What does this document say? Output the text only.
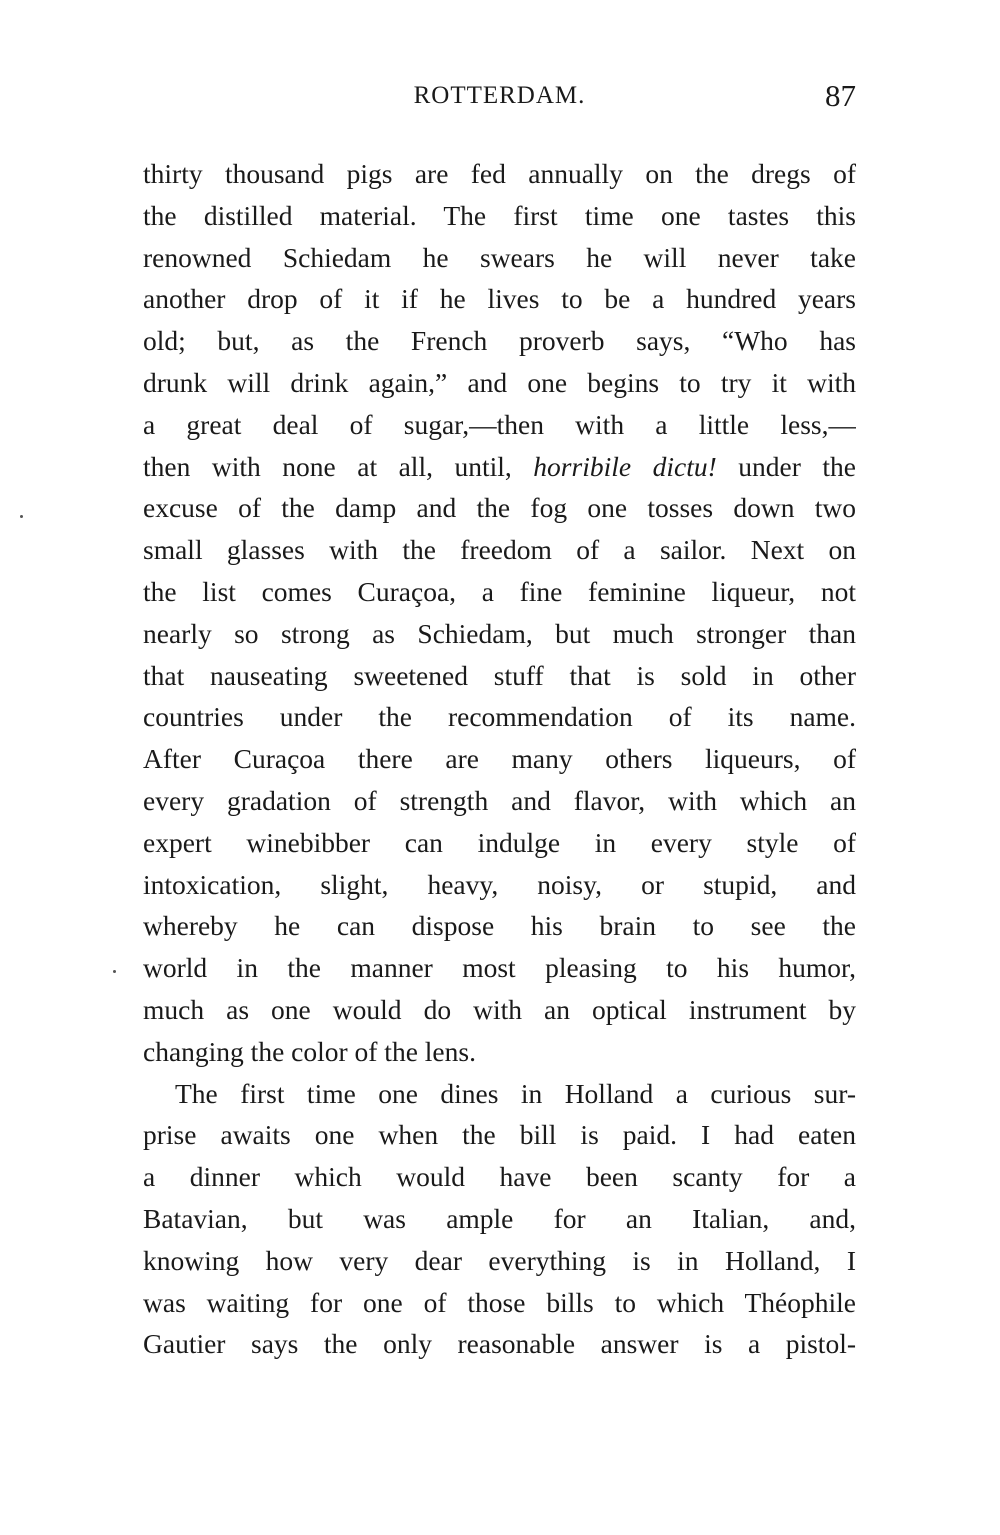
ROTTERDAM.	87
thirty thousand pigs are fed annually on the dregs of
the distilled material. The first time one tastes this
renowned Schiedam he swears he will never take
another drop of it if he lives to be a hundred years
old; but, as the French proverb says, “Who has
drunk will drink again,” and one begins to try it with
a great deal of sugar,—then with a little less,—
then with none at all, until, horribile dictu! under the
excuse of the damp and the fog one tosses down two
small glasses with the freedom of a sailor. Next on
the list comes Curaçoa, a fine feminine liqueur, not
nearly so strong as Schiedam, but much stronger than
that nauseating sweetened stuff that is sold in other
countries under the recommendation of its name.
After Curaçoa there are many others liqueurs, of
every gradation of strength and flavor, with which an
expert winebibber can indulge in every style of
intoxication, slight, heavy, noisy, or stupid, and
whereby he can dispose his brain to see the
world in the manner most pleasing to his humor,
much as one would do with an optical instrument by
changing the color of the lens.
The first time one dines in Holland a curious sur-
prise awaits one when the bill is paid. I had eaten
a dinner which would have been scanty for a
Batavian, but was ample for an Italian, and,
knowing how very dear everything is in Holland, I
was waiting for one of those bills to which Théophile
Gautier says the only reasonable answer is a pistol-
